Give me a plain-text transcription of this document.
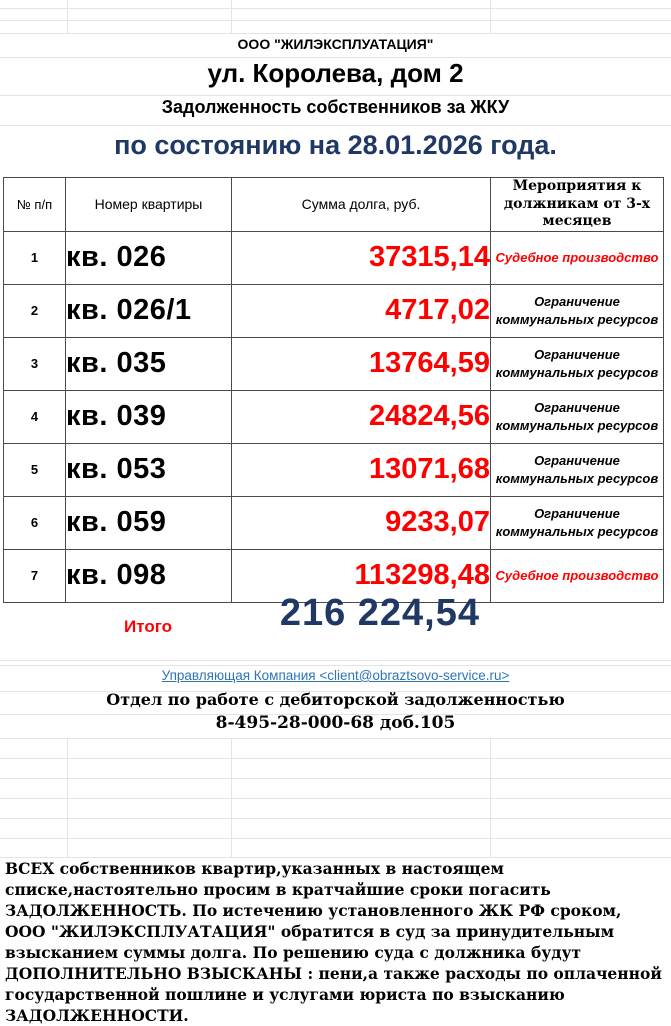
ООО "ЖИЛЭКСПЛУАТАЦИЯ"
ул. Королева, дом 2
Задолженность собственников за ЖКУ
по состоянию на 28.01.2026 года.
№ п/п	Номер квартиры	Сумма долга, руб.	Мероприятия к должникам от 3-х месяцев
1	кв. 026	37315,14	Судебное производство
2	кв. 026/1	4717,02	Ограничение коммунальных ресурсов
3	кв. 035	13764,59	Ограничение коммунальных ресурсов
4	кв. 039	24824,56	Ограничение коммунальных ресурсов
5	кв. 053	13071,68	Ограничение коммунальных ресурсов
6	кв. 059	9233,07	Ограничение коммунальных ресурсов
7	кв. 098	113298,48	Судебное производство
Итого	216 224,54
Управляющая Компания <client@obraztsovo-service.ru>
Отдел по работе с дебиторской задолженностью
8-495-28-000-68 доб.105
ВСЕХ собственников квартир,указанных в настоящем списке,настоятельно просим в кратчайшие сроки погасить ЗАДОЛЖЕННОСТЬ. По истечению установленного ЖК РФ сроком, ООО "ЖИЛЭКСПЛУАТАЦИЯ" обратится в суд за принудительным взысканием суммы долга. По решению суда с должника будут ДОПОЛНИТЕЛЬНО ВЗЫСКАНЫ : пени,а также расходы по оплаченной государственной пошлине и услугами юриста по взысканию ЗАДОЛЖЕННОСТИ.
